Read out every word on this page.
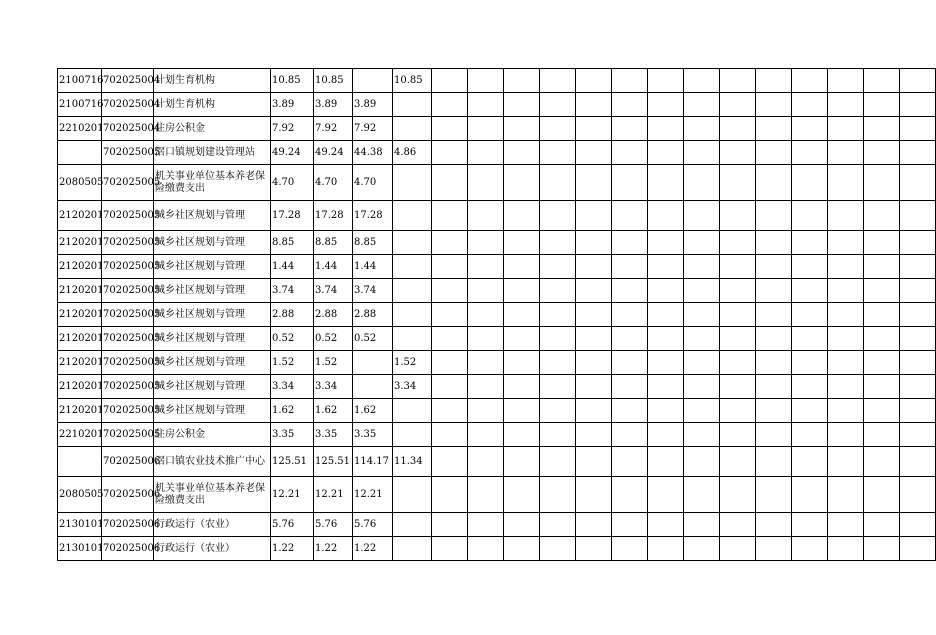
2100716	702025004	计划生育机构	10.85	10.85		10.85														
2100716	702025004	计划生育机构	3.89	3.89	3.89															
2210201	702025004	住房公积金	7.92	7.92	7.92															
	702025005	滘口镇规划建设管理站	49.24	49.24	44.38	4.86														
2080505	702025005	机关事业单位基本养老保险缴费支出	4.70	4.70	4.70															
2120201	702025005	城乡社区规划与管理	17.28	17.28	17.28															
2120201	702025005	城乡社区规划与管理	8.85	8.85	8.85															
2120201	702025005	城乡社区规划与管理	1.44	1.44	1.44															
2120201	702025005	城乡社区规划与管理	3.74	3.74	3.74															
2120201	702025005	城乡社区规划与管理	2.88	2.88	2.88															
2120201	702025005	城乡社区规划与管理	0.52	0.52	0.52															
2120201	702025005	城乡社区规划与管理	1.52	1.52		1.52														
2120201	702025005	城乡社区规划与管理	3.34	3.34		3.34														
2120201	702025005	城乡社区规划与管理	1.62	1.62	1.62															
2210201	702025005	住房公积金	3.35	3.35	3.35															
	702025006	滘口镇农业技术推广中心	125.51	125.51	114.17	11.34														
2080505	702025006	机关事业单位基本养老保险缴费支出	12.21	12.21	12.21															
2130101	702025006	行政运行（农业）	5.76	5.76	5.76															
2130101	702025006	行政运行（农业）	1.22	1.22	1.22															
